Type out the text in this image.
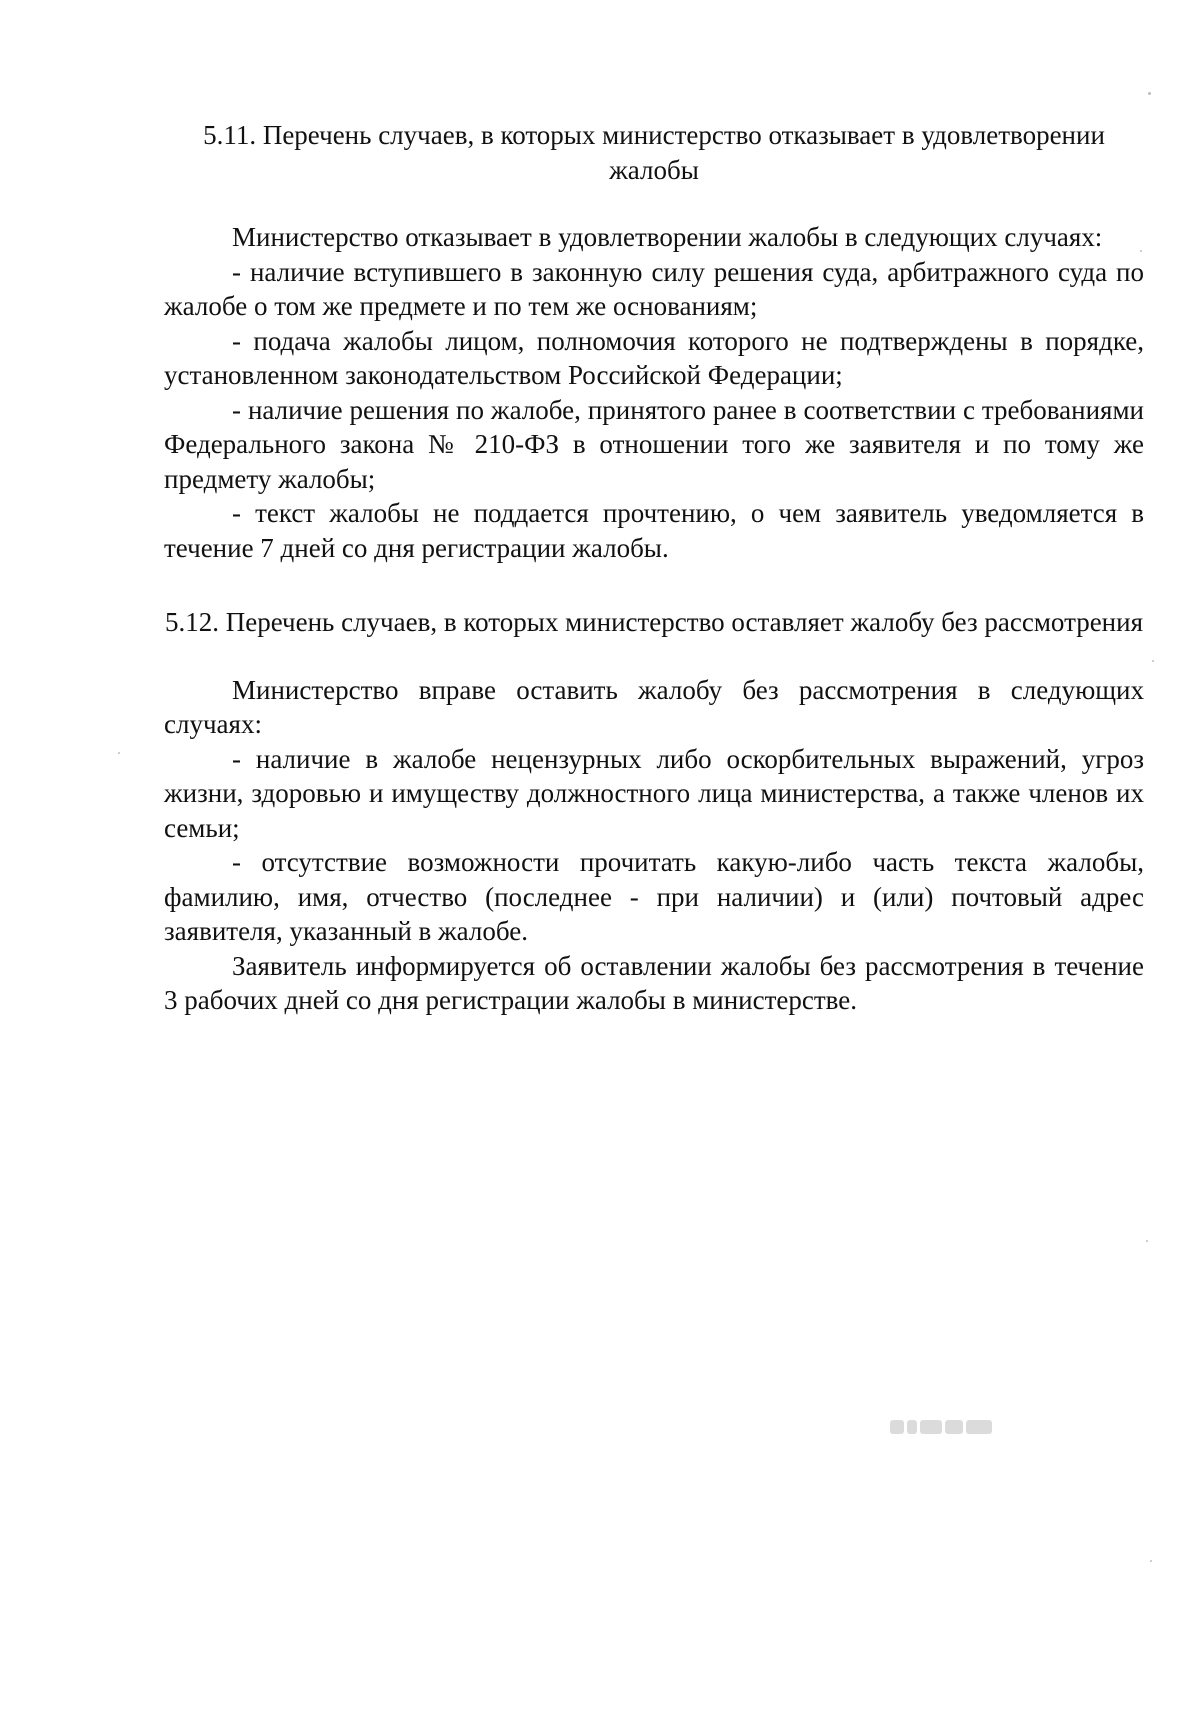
5.11. Перечень случаев, в которых министерство отказывает в удовлетворении жалобы

Министерство отказывает в удовлетворении жалобы в следующих случаях:

- наличие вступившего в законную силу решения суда, арбитражного суда по жалобе о том же предмете и по тем же основаниям;

- подача жалобы лицом, полномочия которого не подтверждены в порядке, установленном законодательством Российской Федерации;

- наличие решения по жалобе, принятого ранее в соответствии с требованиями Федерального закона № 210-ФЗ в отношении того же заявителя и по тому же предмету жалобы;

- текст жалобы не поддается прочтению, о чем заявитель уведомляется в течение 7 дней со дня регистрации жалобы.

5.12. Перечень случаев, в которых министерство оставляет жалобу без рассмотрения

Министерство вправе оставить жалобу без рассмотрения в следующих случаях:

- наличие в жалобе нецензурных либо оскорбительных выражений, угроз жизни, здоровью и имуществу должностного лица министерства, а также членов их семьи;

- отсутствие возможности прочитать какую-либо часть текста жалобы, фамилию, имя, отчество (последнее - при наличии) и (или) почтовый адрес заявителя, указанный в жалобе.

Заявитель информируется об оставлении жалобы без рассмотрения в течение 3 рабочих дней со дня регистрации жалобы в министерстве.
